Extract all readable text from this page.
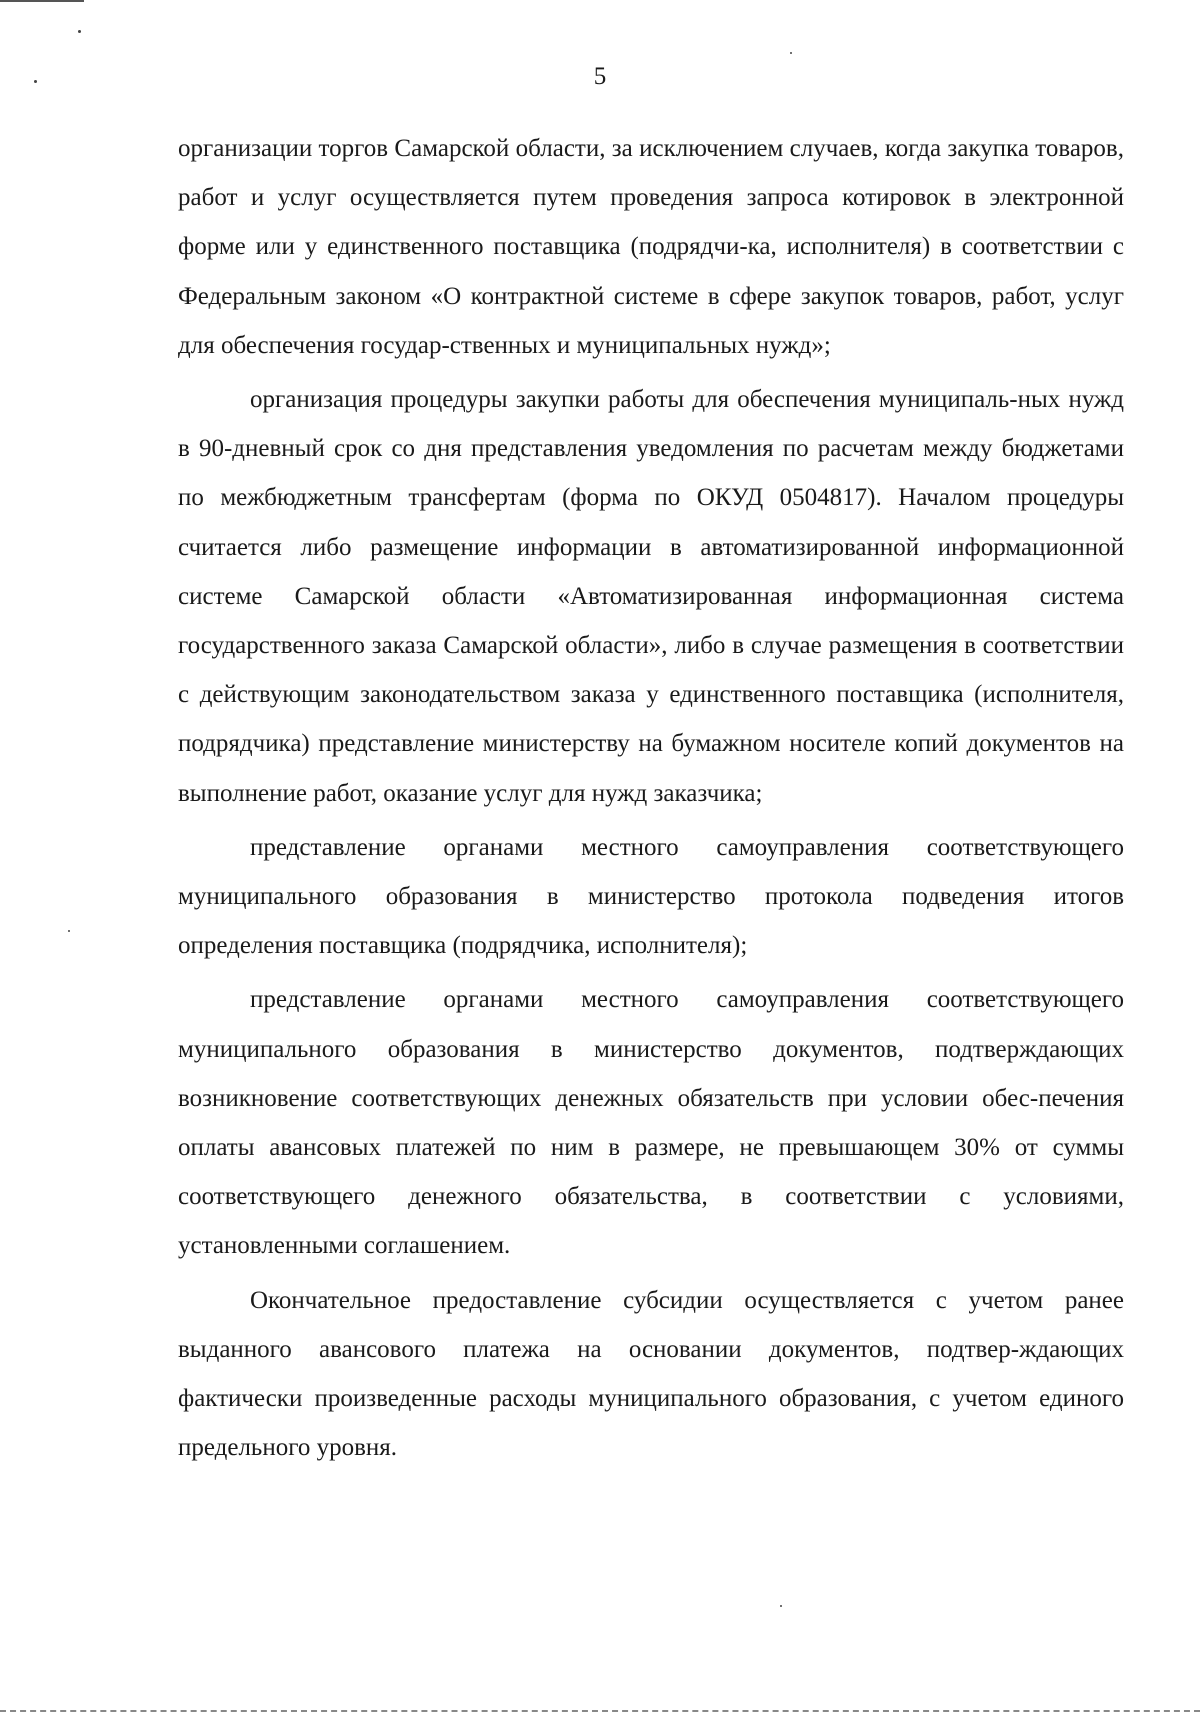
5

организации торгов Самарской области, за исключением случаев, когда закупка товаров, работ и услуг осуществляется путем проведения запроса котировок в электронной форме или у единственного поставщика (подрядчи-ка, исполнителя) в соответствии с Федеральным законом «О контрактной системе в сфере закупок товаров, работ, услуг для обеспечения государ-ственных и муниципальных нужд»;

организация процедуры закупки работы для обеспечения муниципаль-ных нужд в 90-дневный срок со дня представления уведомления по расчетам между бюджетами по межбюджетным трансфертам (форма по ОКУД 0504817). Началом процедуры считается либо размещение информации в автоматизированной информационной системе Самарской области «Автоматизированная информационная система государственного заказа Самарской области», либо в случае размещения в соответствии с действующим законодательством заказа у единственного поставщика (исполнителя, подрядчика) представление министерству на бумажном носителе копий документов на выполнение работ, оказание услуг для нужд заказчика;

представление органами местного самоуправления соответствующего муниципального образования в министерство протокола подведения итогов определения поставщика (подрядчика, исполнителя);

представление органами местного самоуправления соответствующего муниципального образования в министерство документов, подтверждающих возникновение соответствующих денежных обязательств при условии обес-печения оплаты авансовых платежей по ним в размере, не превышающем 30% от суммы соответствующего денежного обязательства, в соответствии с условиями, установленными соглашением.

Окончательное предоставление субсидии осуществляется с учетом ранее выданного авансового платежа на основании документов, подтвер-ждающих фактически произведенные расходы муниципального образования, с учетом единого предельного уровня.
